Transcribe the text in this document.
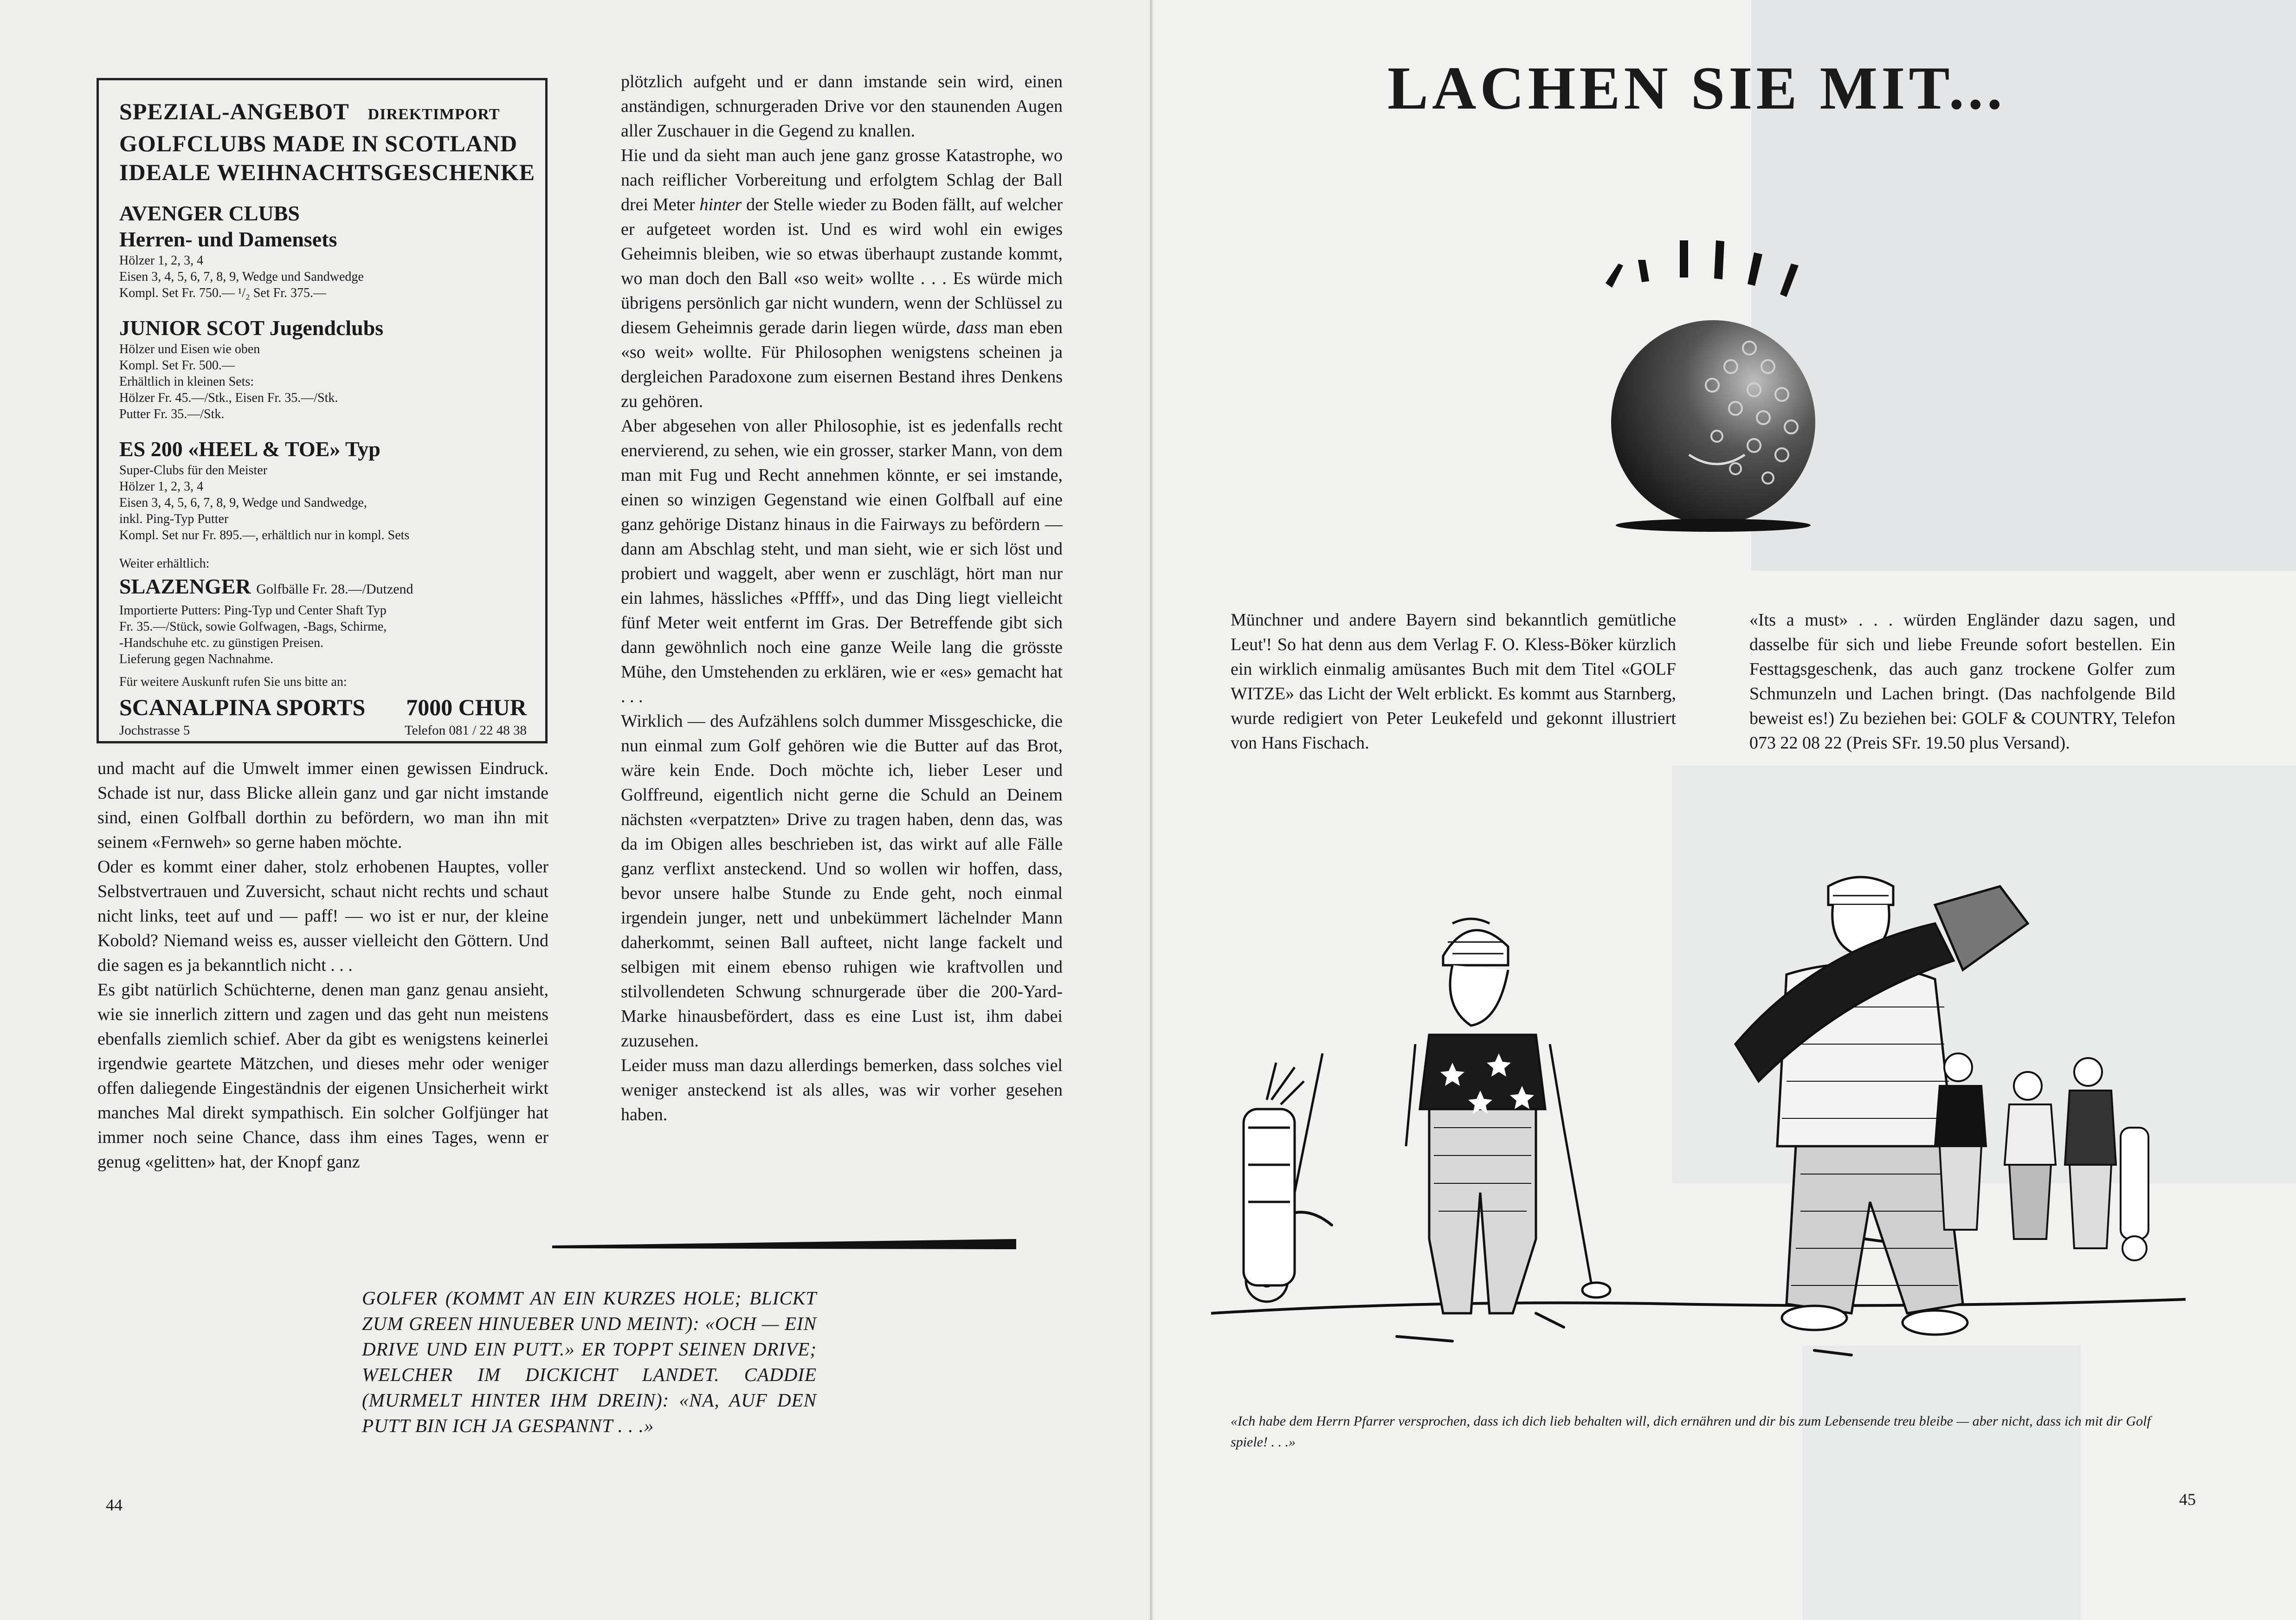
SPEZIAL-ANGEBOT DIREKTIMPORT
GOLFCLUBS MADE IN SCOTLAND
IDEALE WEIHNACHTSGESCHENKE
AVENGER CLUBS
Herren- und Damensets
Hölzer 1, 2, 3, 4
Eisen 3, 4, 5, 6, 7, 8, 9, Wedge und Sandwedge
Kompl. Set Fr. 750.— ¹/₂ Set Fr. 375.—
JUNIOR SCOT Jugendclubs
Hölzer und Eisen wie oben
Kompl. Set Fr. 500.—
Erhältlich in kleinen Sets:
Hölzer Fr. 45.—/Stk., Eisen Fr. 35.—/Stk.
Putter Fr. 35.—/Stk.
ES 200 «HEEL & TOE» Typ
Super-Clubs für den Meister
Hölzer 1, 2, 3, 4
Eisen 3, 4, 5, 6, 7, 8, 9, Wedge und Sandwedge,
inkl. Ping-Typ Putter
Kompl. Set nur Fr. 895.—, erhältlich nur in kompl. Sets
Weiter erhältlich:
SLAZENGER Golfbälle Fr. 28.—/Dutzend
Importierte Putters: Ping-Typ und Center Shaft Typ
Fr. 35.—/Stück, sowie Golfwagen, -Bags, Schirme,
-Handschuhe etc. zu günstigen Preisen.
Lieferung gegen Nachnahme.
Für weitere Auskunft rufen Sie uns bitte an:
SCANALPINA SPORTS 7000 CHUR
Jochstrasse 5	Telefon 081 / 22 48 38

und macht auf die Umwelt immer einen gewissen Eindruck. Schade ist nur, dass Blicke allein ganz und gar nicht imstande sind, einen Golfball dorthin zu befördern, wo man ihn mit seinem «Fernweh» so gerne haben möchte.

Oder es kommt einer daher, stolz erhobenen Hauptes, voller Selbstvertrauen und Zuversicht, schaut nicht rechts und schaut nicht links, teet auf und — paff! — wo ist er nur, der kleine Kobold? Niemand weiss es, ausser vielleicht den Göttern. Und die sagen es ja bekanntlich nicht . . .

Es gibt natürlich Schüchterne, denen man ganz genau ansieht, wie sie innerlich zittern und zagen und das geht nun meistens ebenfalls ziemlich schief. Aber da gibt es wenigstens keinerlei irgendwie geartete Mätzchen, und dieses mehr oder weniger offen daliegende Eingeständnis der eigenen Unsicherheit wirkt manches Mal direkt sympathisch. Ein solcher Golfjünger hat immer noch seine Chance, dass ihm eines Tages, wenn er genug «gelitten» hat, der Knopf ganz

plötzlich aufgeht und er dann imstande sein wird, einen anständigen, schnurgeraden Drive vor den staunenden Augen aller Zuschauer in die Gegend zu knallen.

Hie und da sieht man auch jene ganz grosse Katastrophe, wo nach reiflicher Vorbereitung und erfolgtem Schlag der Ball drei Meter hinter der Stelle wieder zu Boden fällt, auf welcher er aufgeteet worden ist. Und es wird wohl ein ewiges Geheimnis bleiben, wie so etwas überhaupt zustande kommt, wo man doch den Ball «so weit» wollte . . . Es würde mich übrigens persönlich gar nicht wundern, wenn der Schlüssel zu diesem Geheimnis gerade darin liegen würde, dass man eben «so weit» wollte. Für Philosophen wenigstens scheinen ja dergleichen Paradoxone zum eisernen Bestand ihres Denkens zu gehören.

Aber abgesehen von aller Philosophie, ist es jedenfalls recht enervierend, zu sehen, wie ein grosser, starker Mann, von dem man mit Fug und Recht annehmen könnte, er sei imstande, einen so winzigen Gegenstand wie einen Golfball auf eine ganz gehörige Distanz hinaus in die Fairways zu befördern — dann am Abschlag steht, und man sieht, wie er sich löst und probiert und waggelt, aber wenn er zuschlägt, hört man nur ein lahmes, hässliches «Pffff», und das Ding liegt vielleicht fünf Meter weit entfernt im Gras. Der Betreffende gibt sich dann gewöhnlich noch eine ganze Weile lang die grösste Mühe, den Umstehenden zu erklären, wie er «es» gemacht hat . . .

Wirklich — des Aufzählens solch dummer Missgeschicke, die nun einmal zum Golf gehören wie die Butter auf das Brot, wäre kein Ende. Doch möchte ich, lieber Leser und Golffreund, eigentlich nicht gerne die Schuld an Deinem nächsten «verpatzten» Drive zu tragen haben, denn das, was da im Obigen alles beschrieben ist, das wirkt auf alle Fälle ganz verflixt ansteckend. Und so wollen wir hoffen, dass, bevor unsere halbe Stunde zu Ende geht, noch einmal irgendein junger, nett und unbekümmert lächelnder Mann daherkommt, seinen Ball aufteet, nicht lange fackelt und selbigen mit einem ebenso ruhigen wie kraftvollen und stilvollendeten Schwung schnurgerade über die 200-Yard-Marke hinausbefördert, dass es eine Lust ist, ihm dabei zuzusehen.

Leider muss man dazu allerdings bemerken, dass solches viel weniger ansteckend ist als alles, was wir vorher gesehen haben.

GOLFER (KOMMT AN EIN KURZES HOLE; BLICKT ZUM GREEN HINUEBER UND MEINT): «OCH — EIN DRIVE UND EIN PUTT.» ER TOPPT SEINEN DRIVE; WELCHER IM DICKICHT LANDET. CADDIE (MURMELT HINTER IHM DREIN): «NA, AUF DEN PUTT BIN ICH JA GESPANNT . . .»

44
LACHEN SIE MIT...

Münchner und andere Bayern sind bekanntlich gemütliche Leut'! So hat denn aus dem Verlag F. O. Kless-Böker kürzlich ein wirklich einmalig amüsantes Buch mit dem Titel «GOLF WITZE» das Licht der Welt erblickt. Es kommt aus Starnberg, wurde redigiert von Peter Leukefeld und gekonnt illustriert von Hans Fischach.

«Its a must» . . . würden Engländer dazu sagen, und dasselbe für sich und liebe Freunde sofort bestellen. Ein Festtagsgeschenk, das auch ganz trockene Golfer zum Schmunzeln und Lachen bringt. (Das nachfolgende Bild beweist es!) Zu beziehen bei: GOLF & COUNTRY, Telefon 073 22 08 22 (Preis SFr. 19.50 plus Versand).

«Ich habe dem Herrn Pfarrer versprochen, dass ich dich lieb behalten will, dich ernähren und dir bis zum Lebensende treu bleibe — aber nicht, dass ich mit dir Golf spiele! . . .»

45
